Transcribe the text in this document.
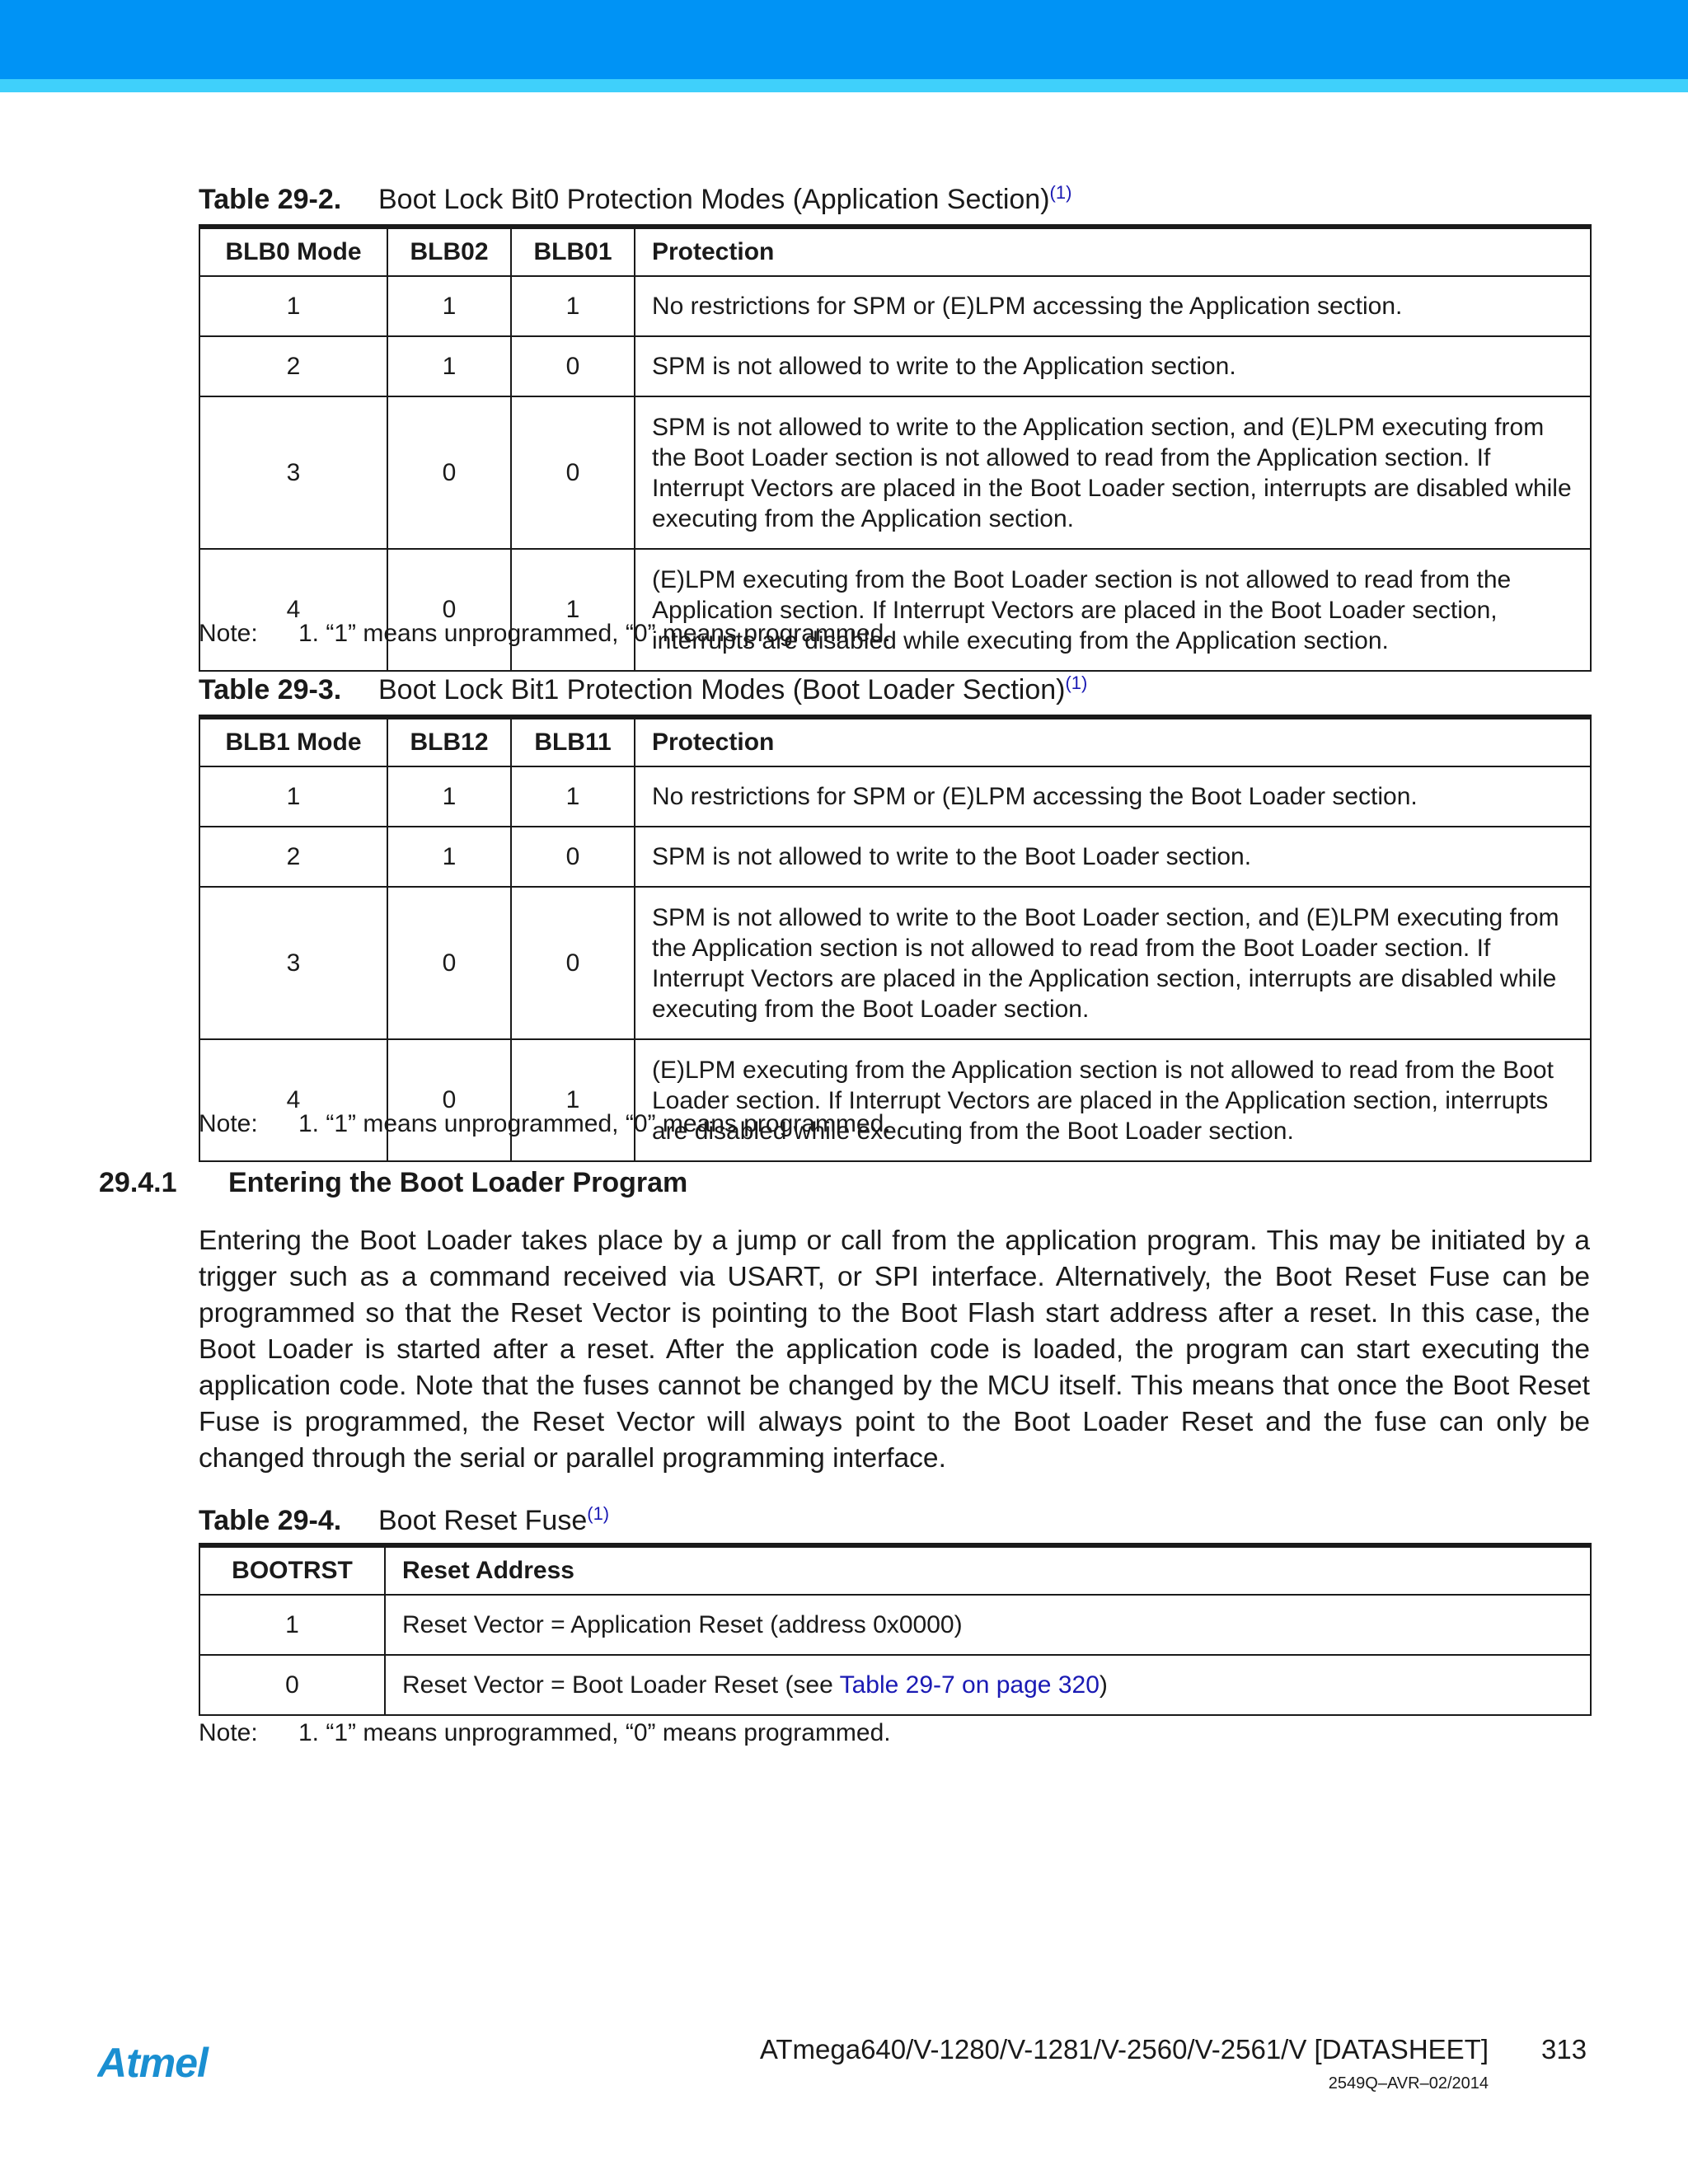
Table 29-2. Boot Lock Bit0 Protection Modes (Application Section)$^{(1)}$
BLB0 Mode	BLB02	BLB01	Protection
1	1	1	No restrictions for SPM or (E)LPM accessing the Application section.
2	1	0	SPM is not allowed to write to the Application section.
3	0	0	SPM is not allowed to write to the Application section, and (E)LPM executing from the Boot Loader section is not allowed to read from the Application section. If Interrupt Vectors are placed in the Boot Loader section, interrupts are disabled while executing from the Application section.
4	0	1	(E)LPM executing from the Boot Loader section is not allowed to read from the Application section. If Interrupt Vectors are placed in the Boot Loader section, interrupts are disabled while executing from the Application section.
Note: 1. “1” means unprogrammed, “0” means programmed.
Table 29-3. Boot Lock Bit1 Protection Modes (Boot Loader Section)$^{(1)}$
BLB1 Mode	BLB12	BLB11	Protection
1	1	1	No restrictions for SPM or (E)LPM accessing the Boot Loader section.
2	1	0	SPM is not allowed to write to the Boot Loader section.
3	0	0	SPM is not allowed to write to the Boot Loader section, and (E)LPM executing from the Application section is not allowed to read from the Boot Loader section. If Interrupt Vectors are placed in the Application section, interrupts are disabled while executing from the Boot Loader section.
4	0	1	(E)LPM executing from the Application section is not allowed to read from the Boot Loader section. If Interrupt Vectors are placed in the Application section, interrupts are disabled while executing from the Boot Loader section.
Note: 1. “1” means unprogrammed, “0” means programmed.
29.4.1 Entering the Boot Loader Program

Entering the Boot Loader takes place by a jump or call from the application program. This may be initiated by a trigger such as a command received via USART, or SPI interface. Alternatively, the Boot Reset Fuse can be programmed so that the Reset Vector is pointing to the Boot Flash start address after a reset. In this case, the Boot Loader is started after a reset. After the application code is loaded, the program can start executing the application code. Note that the fuses cannot be changed by the MCU itself. This means that once the Boot Reset Fuse is programmed, the Reset Vector will always point to the Boot Loader Reset and the fuse can only be changed through the serial or parallel programming interface.

Table 29-4. Boot Reset Fuse$^{(1)}$
BOOTRST	Reset Address
1	Reset Vector = Application Reset (address 0x0000)
0	Reset Vector = Boot Loader Reset (see Table 29-7 on page 320)
Note: 1. “1” means unprogrammed, “0” means programmed.
Atmel	ATmega640/V-1280/V-1281/V-2560/V-2561/V [DATASHEET] 313
2549Q–AVR–02/2014
